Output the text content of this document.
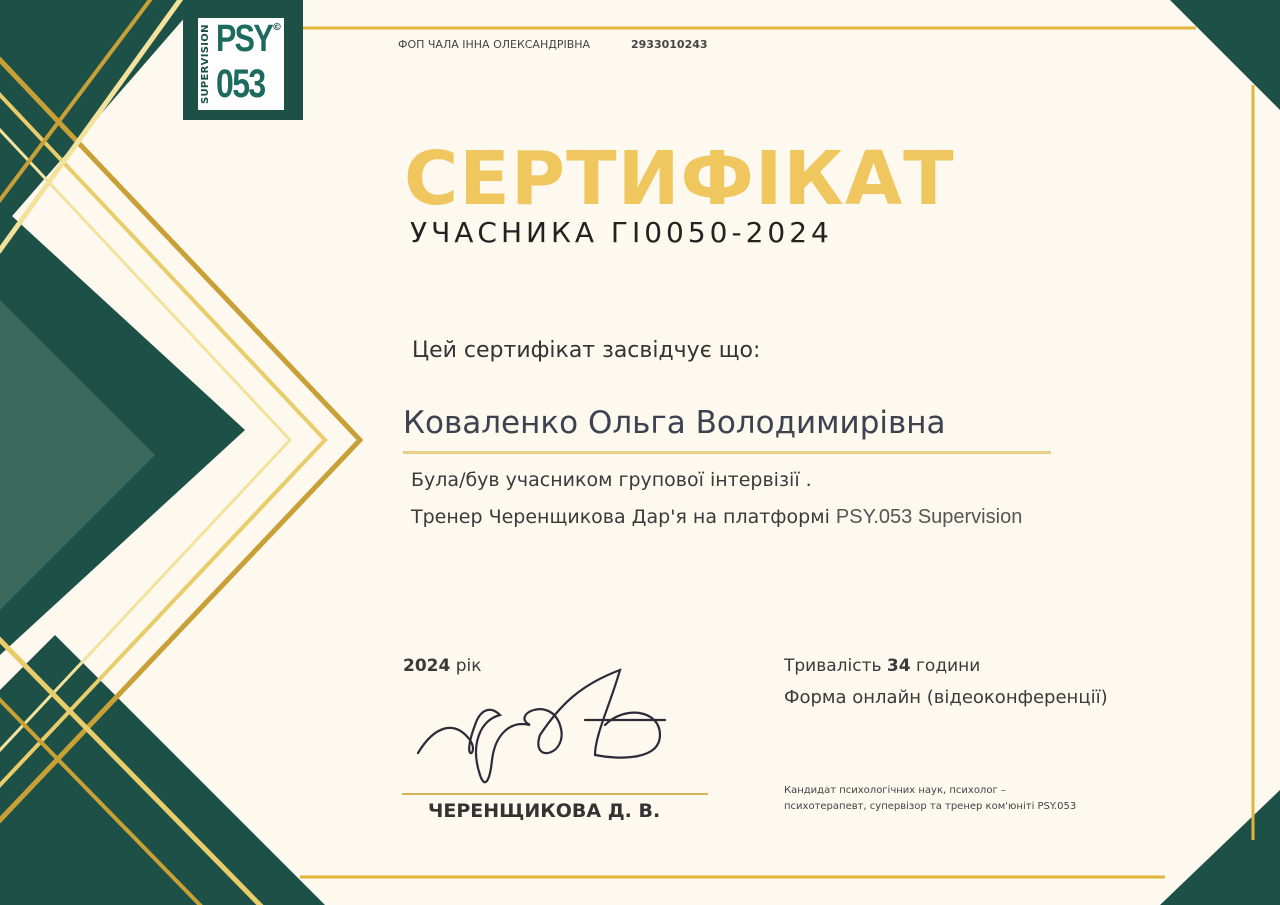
SUPERVISION PSY ©
053
ФОП ЧАЛА ІННА ОЛЕКСАНДРІВНА	2933010243
СЕРТИФІКАТ
УЧАСНИКА ГІ0050-2024
Цей сертифікат засвідчує що:
Коваленко Ольга Володимирівна
Була/був учасником групової інтервізії .
Тренер Черенщикова Дар'я на платформі PSY.053 Supervision
2024 рік	Тривалість 34 години
Форма онлайн (відеоконференції)
ЧЕРЕНЩИКОВА Д. В.
Кандидат психологічних наук, психолог –
психотерапевт, супервізор та тренер ком'юніті PSY.053
